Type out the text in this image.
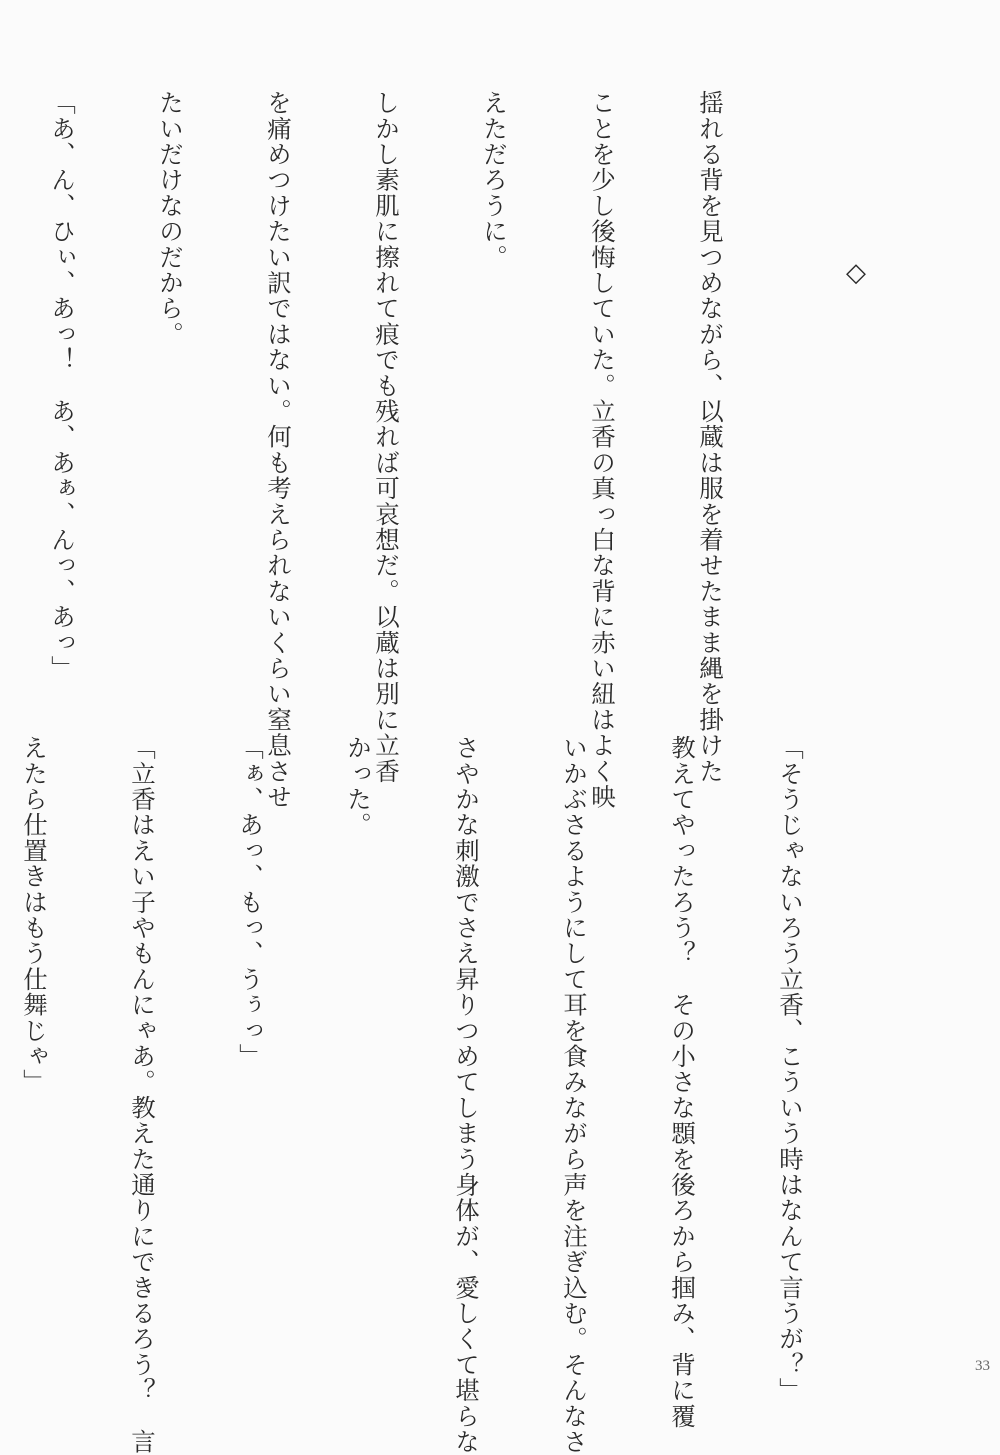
揺れる背を見つめながら、以蔵は服を着せたまま縄を掛けた

ことを少し後悔していた。立香の真っ白な背に赤い紐はよく映

えただろうに。

しかし素肌に擦れて痕でも残れば可哀想だ。以蔵は別に立香

を痛めつけたい訳ではない。何も考えられないくらい窒息させ

たいだけなのだから。

「あ、ん、ひぃ、あっ！　あ、あぁ、んっ、あっ」

	◇

「そうじゃないろう立香、こういう時はなんて言うが？」

教えてやったろう？　その小さな顋を後ろから掴み、背に覆

いかぶさるようにして耳を食みながら声を注ぎ込む。そんなさ

さやかな刺激でさえ昇りつめてしまう身体が、愛しくて堪らな

かった。

「ぁ、あっ、もっ、うぅっ」

「立香はえい子やもんにゃあ。教えた通りにできるろう？　言

えたら仕置きはもう仕舞じゃ」

33
